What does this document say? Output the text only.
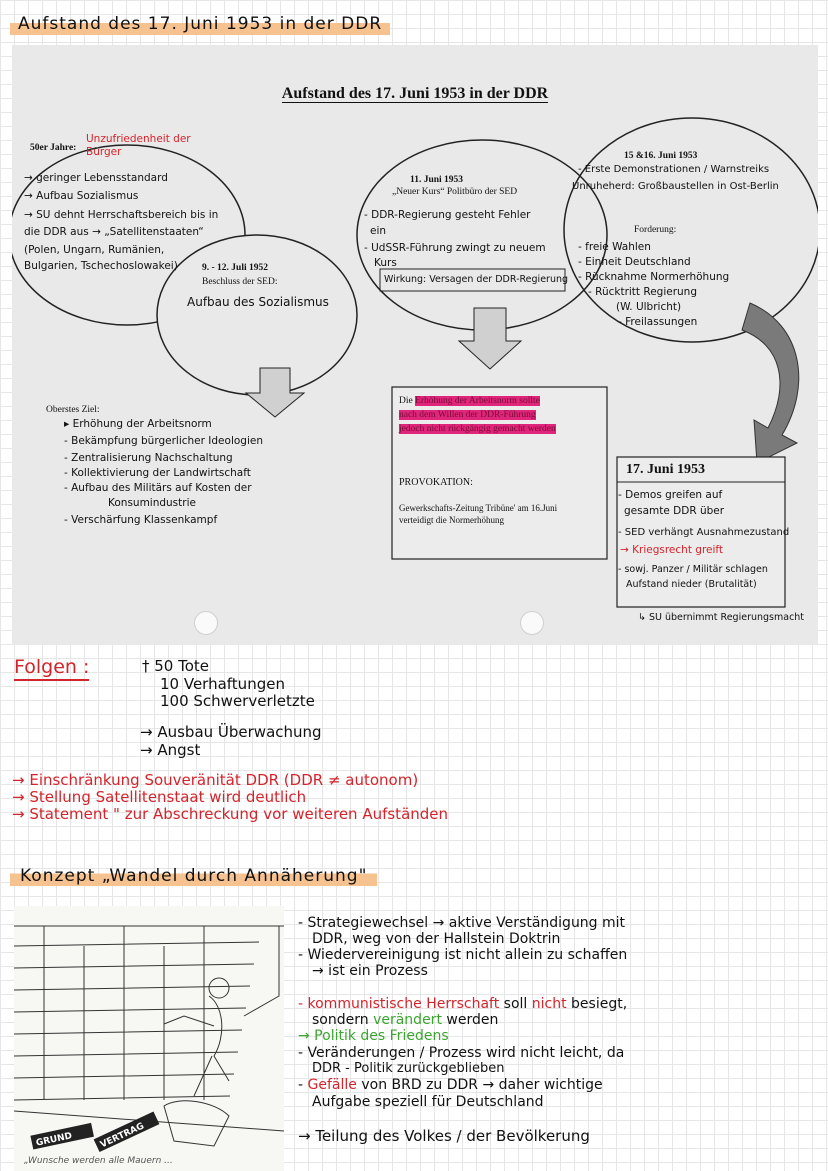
Aufstand des 17. Juni 1953 in der DDR
Aufstand des 17. Juni 1953 in der DDR
50er Jahre:
Unzufriedenheit der Bürger
→ geringer Lebensstandard
→ Aufbau Sozialismus
→ SU dehnt Herrschaftsbereich bis in
die DDR aus → „Satellitenstaaten“
(Polen, Ungarn, Rumänien,
Bulgarien, Tschechoslowakei)	9. - 12. Juli 1952
Beschluss der SED:
Aufbau des Sozialismus
11. Juni 1953
„Neuer Kurs“ Politbüro der SED
- DDR-Regierung gesteht Fehler
ein
- UdSSR-Führung zwingt zu neuem
Kurs
Wirkung: Versagen der DDR-Regierung
15 &16. Juni 1953
- Erste Demonstrationen / Warnstreiks
Unruheherd: Großbaustellen in Ost-Berlin
Forderung:
- freie Wahlen
- Einheit Deutschland
- Rücknahme Normerhöhung
- Rücktritt Regierung
(W. Ulbricht)
- Freilassungen
Oberstes Ziel:
▸ Erhöhung der Arbeitsnorm
- Bekämpfung bürgerlicher Ideologien
- Zentralisierung Nachschaltung
- Kollektivierung der Landwirtschaft
- Aufbau des Militärs auf Kosten der
Konsumindustrie
- Verschärfung Klassenkampf
Die Erhöhung der Arbeitsnorm sollte
nach dem Willen der DDR-Führung
jedoch nicht rückgängig gemacht werden
PROVOKATION:
Gewerkschafts-Zeitung Tribüne' am 16.Juni
verteidigt die Normerhöhung
17. Juni 1953
- Demos greifen auf
gesamte DDR über
- SED verhängt Ausnahmezustand
→ Kriegsrecht greift
- sowj. Panzer / Militär schlagen
Aufstand nieder (Brutalität)
↳ SU übernimmt Regierungsmacht
Folgen :	† 50 Tote
10 Verhaftungen
100 Schwerverletzte
→ Ausbau Überwachung
→ Angst
→ Einschränkung Souveränität DDR (DDR ≠ autonom)
→ Stellung Satellitenstaat wird deutlich
→ Statement " zur Abschreckung vor weiteren Aufständen
Konzept „Wandel durch Annäherung"
GRUND	VERTRAG
„Wunsche werden alle Mauern ...
- Strategiewechsel → aktive Verständigung mit
DDR, weg von der Hallstein Doktrin
- Wiedervereinigung ist nicht allein zu schaffen
→ ist ein Prozess
- kommunistische Herrschaft soll nicht besiegt,
sondern verändert werden
→ Politik des Friedens
- Veränderungen / Prozess wird nicht leicht, da
DDR - Politik zurückgeblieben
- Gefälle von BRD zu DDR → daher wichtige
Aufgabe speziell für Deutschland
→ Teilung des Volkes / der Bevölkerung
